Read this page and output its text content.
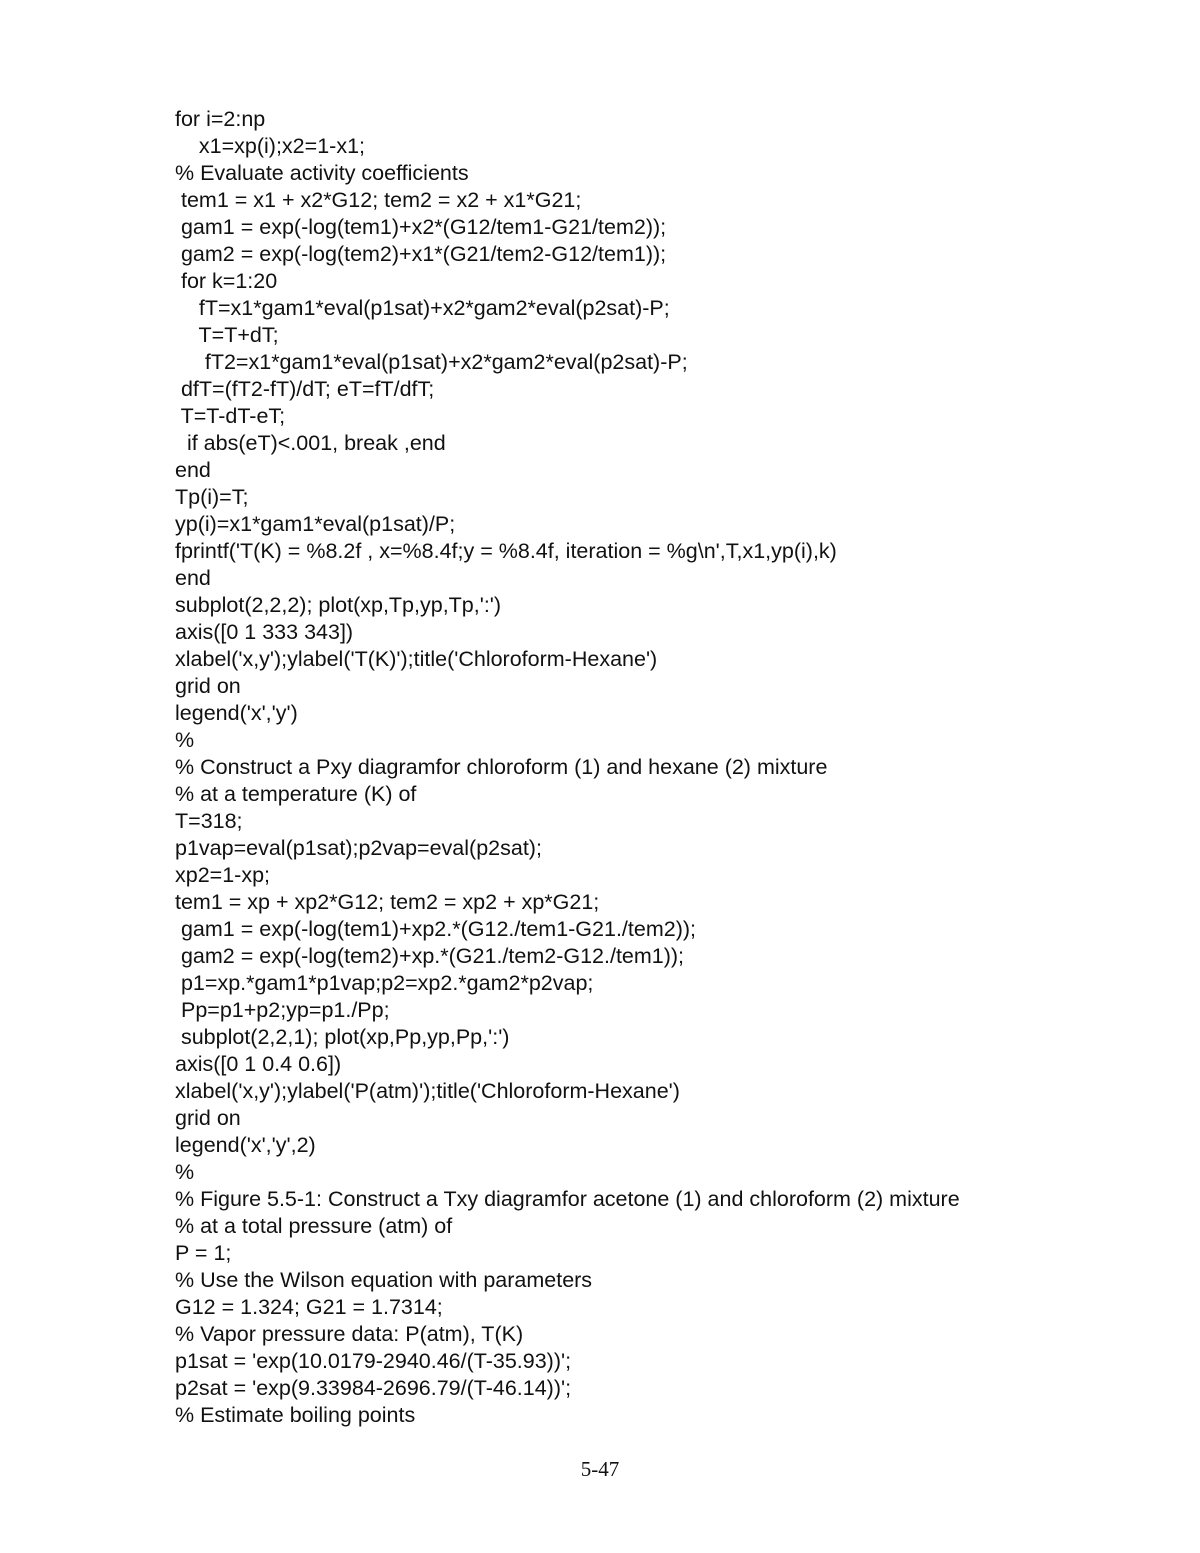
for i=2:np
x1=xp(i);x2=1-x1;
% Evaluate activity coefficients
tem1 = x1 + x2*G12; tem2 = x2 + x1*G21;
gam1 = exp(-log(tem1)+x2*(G12/tem1-G21/tem2));
gam2 = exp(-log(tem2)+x1*(G21/tem2-G12/tem1));
for k=1:20
fT=x1*gam1*eval(p1sat)+x2*gam2*eval(p2sat)-P;
T=T+dT;
fT2=x1*gam1*eval(p1sat)+x2*gam2*eval(p2sat)-P;
dfT=(fT2-fT)/dT; eT=fT/dfT;
T=T-dT-eT;
if abs(eT)<.001, break ,end
end
Tp(i)=T;
yp(i)=x1*gam1*eval(p1sat)/P;
fprintf('T(K) = %8.2f , x=%8.4f;y = %8.4f, iteration = %g\n',T,x1,yp(i),k)
end
subplot(2,2,2); plot(xp,Tp,yp,Tp,':')
axis([0 1 333 343])
xlabel('x,y');ylabel('T(K)');title('Chloroform-Hexane')
grid on
legend('x','y')
%
% Construct a Pxy diagramfor chloroform (1) and hexane (2) mixture
% at a temperature (K) of
T=318;
p1vap=eval(p1sat);p2vap=eval(p2sat);
xp2=1-xp;
tem1 = xp + xp2*G12; tem2 = xp2 + xp*G21;
gam1 = exp(-log(tem1)+xp2.*(G12./tem1-G21./tem2));
gam2 = exp(-log(tem2)+xp.*(G21./tem2-G12./tem1));
p1=xp.*gam1*p1vap;p2=xp2.*gam2*p2vap;
Pp=p1+p2;yp=p1./Pp;
subplot(2,2,1); plot(xp,Pp,yp,Pp,':')
axis([0 1 0.4 0.6])
xlabel('x,y');ylabel('P(atm)');title('Chloroform-Hexane')
grid on
legend('x','y',2)
%
% Figure 5.5-1: Construct a Txy diagramfor acetone (1) and chloroform (2) mixture
% at a total pressure (atm) of
P = 1;
% Use the Wilson equation with parameters
G12 = 1.324; G21 = 1.7314;
% Vapor pressure data: P(atm), T(K)
p1sat = 'exp(10.0179-2940.46/(T-35.93))';
p2sat = 'exp(9.33984-2696.79/(T-46.14))';
% Estimate boiling points
5-47
